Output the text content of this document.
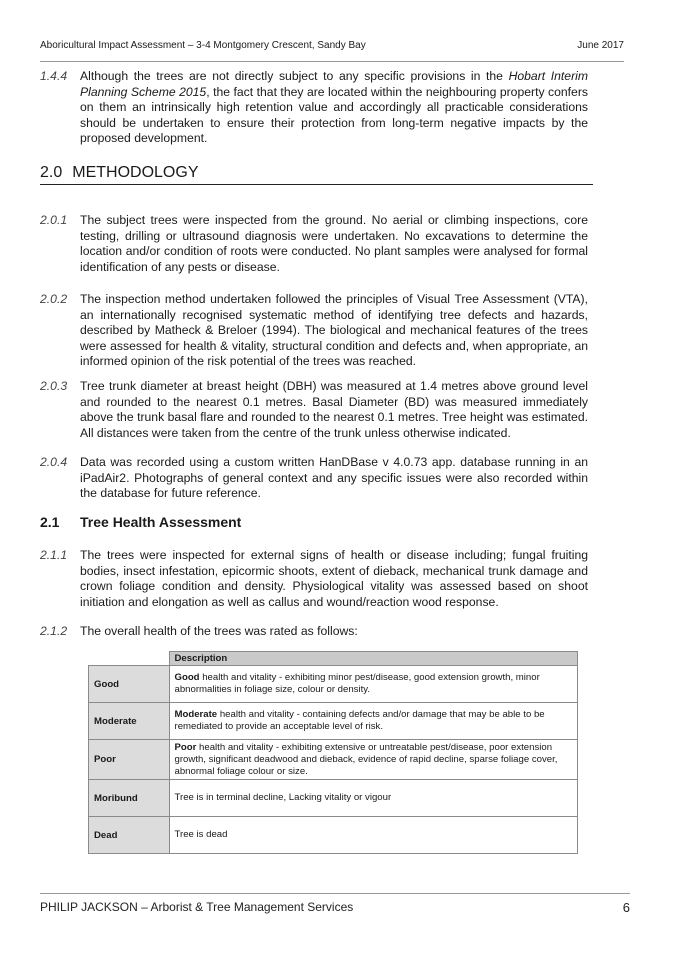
Aboricultural Impact Assessment – 3-4 Montgomery Crescent, Sandy Bay	June 2017
1.4.4 Although the trees are not directly subject to any specific provisions in the Hobart Interim Planning Scheme 2015, the fact that they are located within the neighbouring property confers on them an intrinsically high retention value and accordingly all practicable considerations should be undertaken to ensure their protection from long-term negative impacts by the proposed development.
2.0 METHODOLOGY
2.0.1 The subject trees were inspected from the ground. No aerial or climbing inspections, core testing, drilling or ultrasound diagnosis were undertaken. No excavations to determine the location and/or condition of roots were conducted. No plant samples were analysed for formal identification of any pests or disease.
2.0.2 The inspection method undertaken followed the principles of Visual Tree Assessment (VTA), an internationally recognised systematic method of identifying tree defects and hazards, described by Matheck & Breloer (1994). The biological and mechanical features of the trees were assessed for health & vitality, structural condition and defects and, when appropriate, an informed opinion of the risk potential of the trees was reached.
2.0.3 Tree trunk diameter at breast height (DBH) was measured at 1.4 metres above ground level and rounded to the nearest 0.1 metres. Basal Diameter (BD) was measured immediately above the trunk basal flare and rounded to the nearest 0.1 metres. Tree height was estimated. All distances were taken from the centre of the trunk unless otherwise indicated.
2.0.4 Data was recorded using a custom written HanDBase v 4.0.73 app. database running in an iPadAir2. Photographs of general context and any specific issues were also recorded within the database for future reference.
2.1 Tree Health Assessment
2.1.1 The trees were inspected for external signs of health or disease including; fungal fruiting bodies, insect infestation, epicormic shoots, extent of dieback, mechanical trunk damage and crown foliage condition and density. Physiological vitality was assessed based on shoot initiation and elongation as well as callus and wound/reaction wood response.
2.1.2 The overall health of the trees was rated as follows:
	Description
Good	Good health and vitality - exhibiting minor pest/disease, good extension growth, minor abnormalities in foliage size, colour or density.
Moderate	Moderate health and vitality - containing defects and/or damage that may be able to be remediated to provide an acceptable level of risk.
Poor	Poor health and vitality - exhibiting extensive or untreatable pest/disease, poor extension growth, significant deadwood and dieback, evidence of rapid decline, sparse foliage cover, abnormal foliage colour or size.
Moribund	Tree is in terminal decline, Lacking vitality or vigour
Dead	Tree is dead
PHILIP JACKSON – Arborist & Tree Management Services	6
